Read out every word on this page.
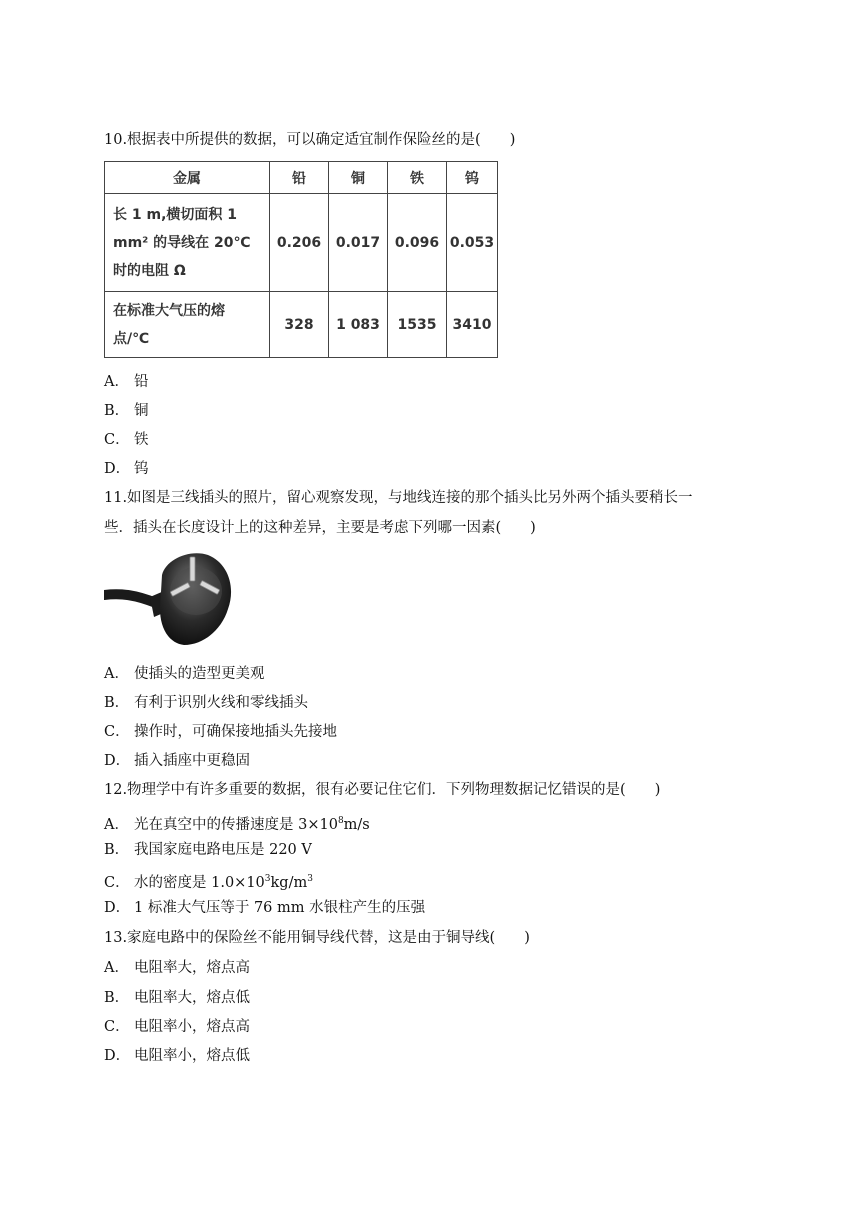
10.根据表中所提供的数据，可以确定适宜制作保险丝的是(　　)
金属	铅	铜	铁	钨

长 1 m,横切面积 1
mm² 的导线在 20℃
时的电阻 Ω	0.206	0.017	0.096	0.053

在标准大气压的熔
点/℃	328	1 083	1535	3410
A． 铅
B． 铜
C． 铁
D． 钨
11.如图是三线插头的照片，留心观察发现，与地线连接的那个插头比另外两个插头要稍长一
些．插头在长度设计上的这种差异，主要是考虑下列哪一因素(　　)
A． 使插头的造型更美观
B． 有利于识别火线和零线插头
C． 操作时，可确保接地插头先接地
D． 插入插座中更稳固
12.物理学中有许多重要的数据，很有必要记住它们．下列物理数据记忆错误的是(　　)
A． 光在真空中的传播速度是 $3\times 10^8m/s$
B． 我国家庭电路电压是 220 V
C． 水的密度是 $1.0\times 10^3kg/m^3$
D． 1 标准大气压等于 76 mm 水银柱产生的压强
13.家庭电路中的保险丝不能用铜导线代替，这是由于铜导线(　　)
A． 电阻率大，熔点高
B． 电阻率大，熔点低
C． 电阻率小，熔点高
D． 电阻率小，熔点低
